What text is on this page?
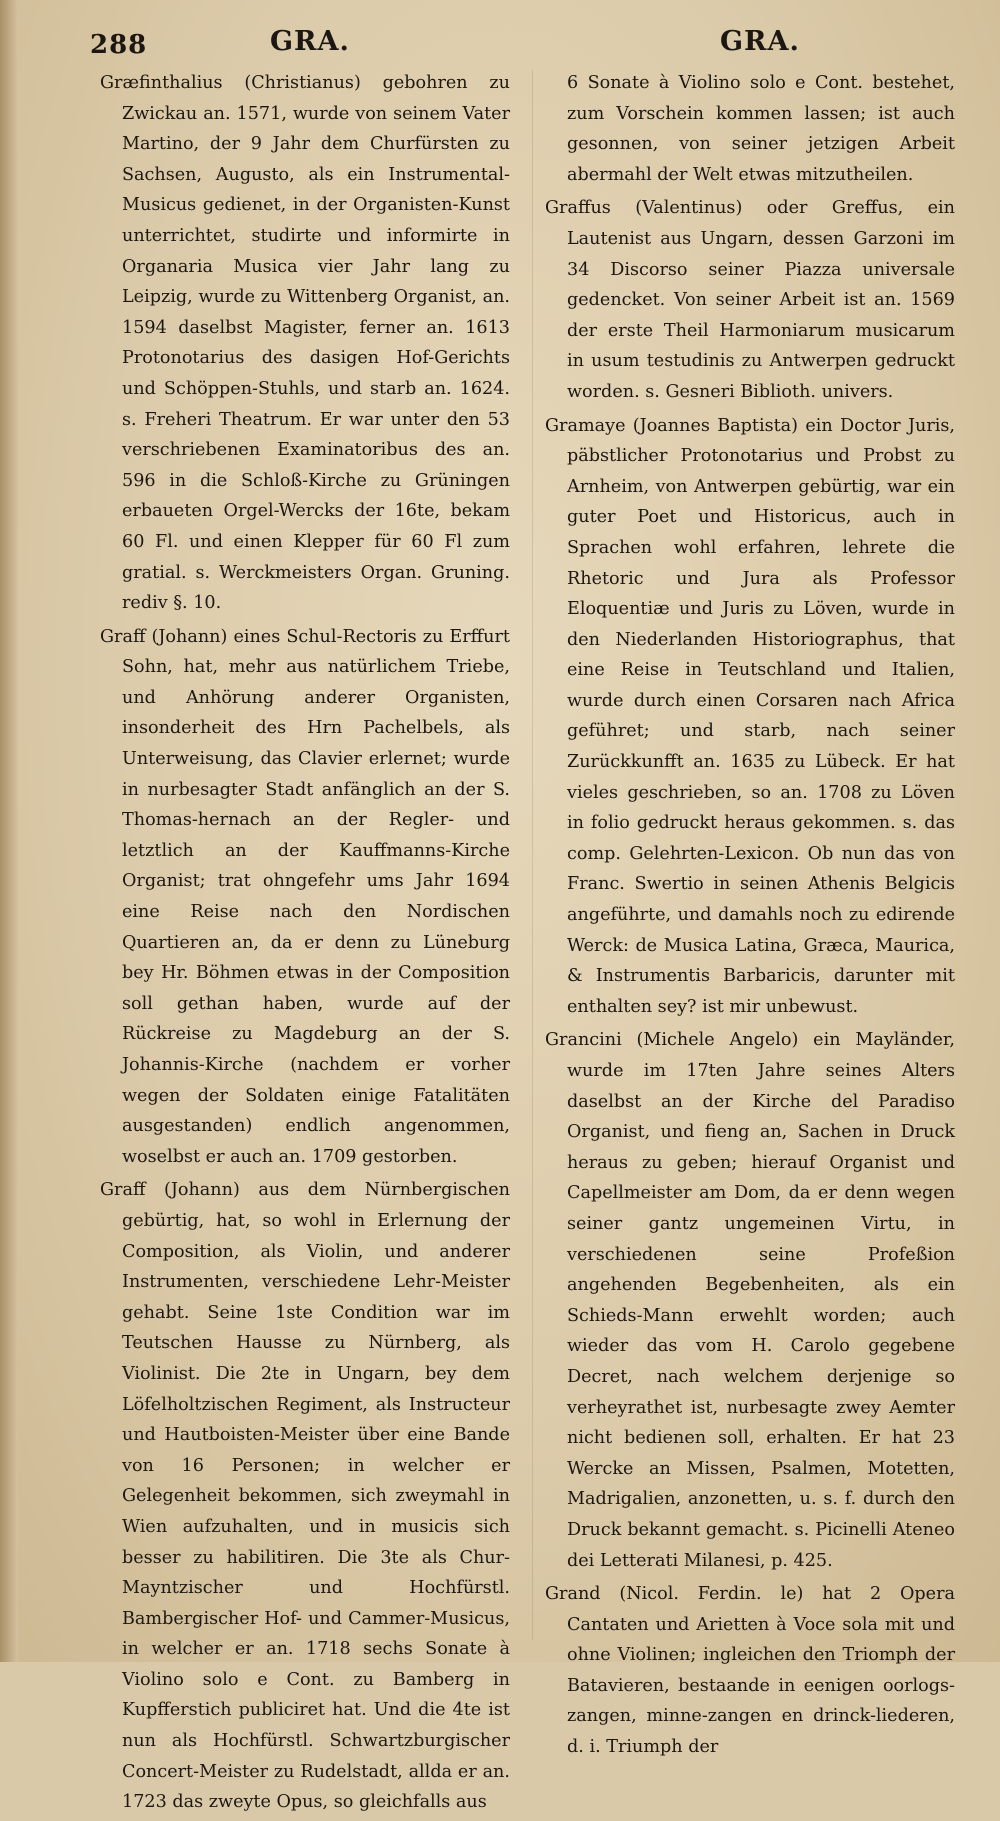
288	GRA.	GRA.

Græfinthalius (Christianus) gebohren zu Zwickau an. 1571, wurde von seinem Vater Martino, der 9 Jahr dem Churfürsten zu Sachsen, Augusto, als ein Instrumental-Musicus gedienet, in der Organisten-Kunst unterrichtet, studirte und informirte in Organaria Musica vier Jahr lang zu Leipzig, wurde zu Wittenberg Organist, an. 1594 daselbst Magister, ferner an. 1613 Protonotarius des dasigen Hof-Gerichts und Schöppen-Stuhls, und starb an. 1624. s. Freheri Theatrum. Er war unter den 53 verschriebenen Examinatoribus des an. 596 in die Schloß-Kirche zu Grüningen erbaueten Orgel-Wercks der 16te, bekam 60 Fl. und einen Klepper für 60 Fl zum gratial. s. Werckmeisters Organ. Gruning. rediv §. 10.

Graff (Johann) eines Schul-Rectoris zu Erffurt Sohn, hat, mehr aus natürlichem Triebe, und Anhörung anderer Organisten, insonderheit des Hrn Pachelbels, als Unterweisung, das Clavier erlernet; wurde in nurbesagter Stadt anfänglich an der S. Thomas-hernach an der Regler- und letztlich an der Kauffmanns-Kirche Organist; trat ohngefehr ums Jahr 1694 eine Reise nach den Nordischen Quartieren an, da er denn zu Lüneburg bey Hr. Böhmen etwas in der Composition soll gethan haben, wurde auf der Rückreise zu Magdeburg an der S. Johannis-Kirche (nachdem er vorher wegen der Soldaten einige Fatalitäten ausgestanden) endlich angenommen, woselbst er auch an. 1709 gestorben.

Graff (Johann) aus dem Nürnbergischen gebürtig, hat, so wohl in Erlernung der Composition, als Violin, und anderer Instrumenten, verschiedene Lehr-Meister gehabt. Seine 1ste Condition war im Teutschen Hausse zu Nürnberg, als Violinist. Die 2te in Ungarn, bey dem Löfelholtzischen Regiment, als Instructeur und Hautboisten-Meister über eine Bande von 16 Personen; in welcher er Gelegenheit bekommen, sich zweymahl in Wien aufzuhalten, und in musicis sich besser zu habilitiren. Die 3te als Chur-Mayntzischer und Hochfürstl. Bambergischer Hof- und Cammer-Musicus, in welcher er an. 1718 sechs Sonate à Violino solo e Cont. zu Bamberg in Kupfferstich publiciret hat. Und die 4te ist nun als Hochfürstl. Schwartzburgischer Concert-Meister zu Rudelstadt, allda er an. 1723 das zweyte Opus, so gleichfalls aus

6 Sonate à Violino solo e Cont. bestehet, zum Vorschein kommen lassen; ist auch gesonnen, von seiner jetzigen Arbeit abermahl der Welt etwas mitzutheilen.

Graffus (Valentinus) oder Greffus, ein Lautenist aus Ungarn, dessen Garzoni im 34 Discorso seiner Piazza universale gedencket. Von seiner Arbeit ist an. 1569 der erste Theil Harmoniarum musicarum in usum testudinis zu Antwerpen gedruckt worden. s. Gesneri Biblioth. univers.

Gramaye (Joannes Baptista) ein Doctor Juris, päbstlicher Protonotarius und Probst zu Arnheim, von Antwerpen gebürtig, war ein guter Poet und Historicus, auch in Sprachen wohl erfahren, lehrete die Rhetoric und Jura als Professor Eloquentiæ und Juris zu Löven, wurde in den Niederlanden Historiographus, that eine Reise in Teutschland und Italien, wurde durch einen Corsaren nach Africa geführet; und starb, nach seiner Zurückkunfft an. 1635 zu Lübeck. Er hat vieles geschrieben, so an. 1708 zu Löven in folio gedruckt heraus gekommen. s. das comp. Gelehrten-Lexicon. Ob nun das von Franc. Swertio in seinen Athenis Belgicis angeführte, und damahls noch zu edirende Werck: de Musica Latina, Græca, Maurica, & Instrumentis Barbaricis, darunter mit enthalten sey? ist mir unbewust.

Grancini (Michele Angelo) ein Mayländer, wurde im 17ten Jahre seines Alters daselbst an der Kirche del Paradiso Organist, und fieng an, Sachen in Druck heraus zu geben; hierauf Organist und Capellmeister am Dom, da er denn wegen seiner gantz ungemeinen Virtu, in verschiedenen seine Profeßion angehenden Begebenheiten, als ein Schieds-Mann erwehlt worden; auch wieder das vom H. Carolo gegebene Decret, nach welchem derjenige so verheyrathet ist, nurbesagte zwey Aemter nicht bedienen soll, erhalten. Er hat 23 Wercke an Missen, Psalmen, Motetten, Madrigalien, anzonetten, u. s. f. durch den Druck bekannt gemacht. s. Picinelli Ateneo dei Letterati Milanesi, p. 425.

Grand (Nicol. Ferdin. le) hat 2 Opera Cantaten und Arietten à Voce sola mit und ohne Violinen; ingleichen den Triomph der Batavieren, bestaande in eenigen oorlogs-zangen, minne-zangen en drinck-liederen, d. i. Triumph der
